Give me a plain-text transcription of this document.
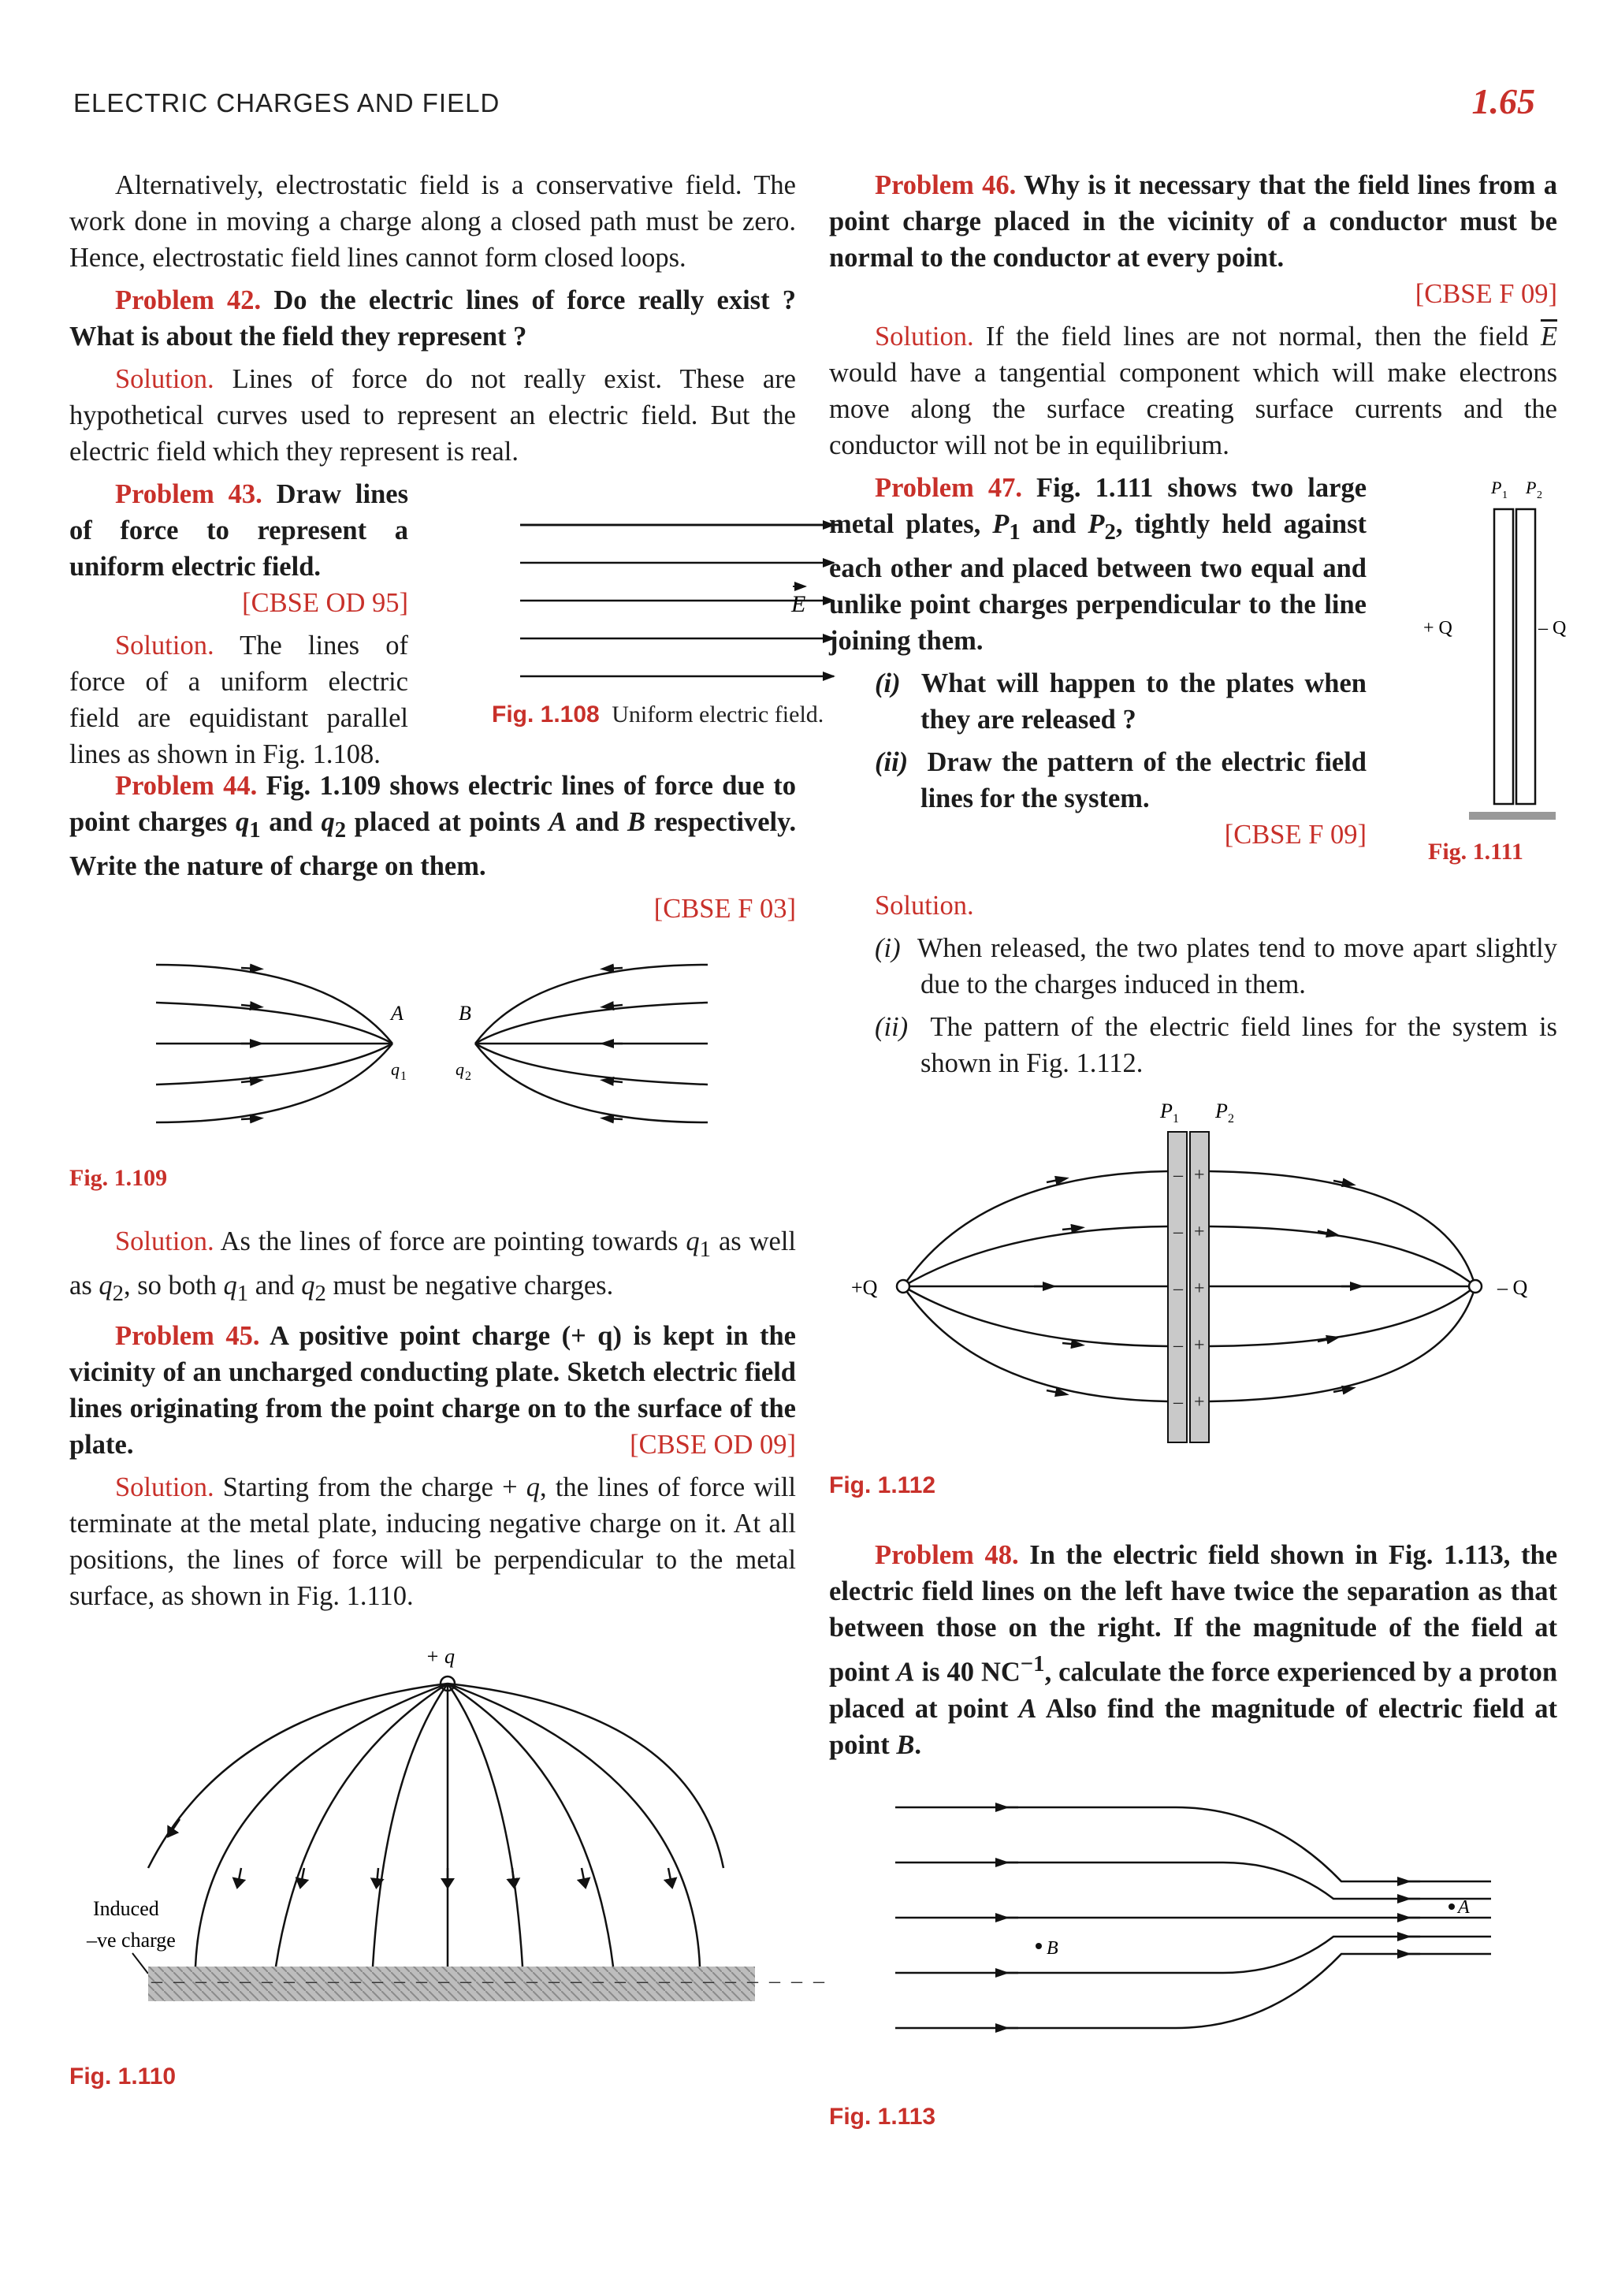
ELECTRIC CHARGES AND FIELD	1.65

Alternatively, electrostatic field is a conservative field. The work done in moving a charge along a closed path must be zero. Hence, electrostatic field lines cannot form closed loops.

Problem 42. Do the electric lines of force really exist ? What is about the field they represent ?

Solution. Lines of force do not really exist. These are hypothetical curves used to represent an electric field. But the electric field which they represent is real.

Problem 43. Draw lines of force to represent a uniform electric field.

[CBSE OD 95]

Solution. The lines of force of a uniform electric field are equidistant parallel lines as shown in Fig. 1.108.

E
Fig. 1.108 Uniform electric field.

Problem 44. Fig. 1.109 shows electric lines of force due to point charges $q_1$ and $q_2$ placed at points A and B respectively. Write the nature of charge on them.

[CBSE F 03]

A	B
q 1	q 2
Fig. 1.109

Solution. As the lines of force are pointing towards $q_1$ as well as $q_2$, so both $q_1$ and $q_2$ must be negative charges.

Problem 45. A positive point charge (+ q) is kept in the vicinity of an uncharged conducting plate. Sketch electric field lines originating from the point charge on to the surface of the plate.	[CBSE OD 09]

Solution. Starting from the charge + q, the lines of force will terminate at the metal plate, inducing negative charge on it. At all positions, the lines of force will be perpendicular to the metal surface, as shown in Fig. 1.110.

+ q
Induced
–ve charge
–––––––––––––––––––––––––––––––
Fig. 1.110

Problem 46. Why is it necessary that the field lines from a point charge placed in the vicinity of a conductor must be normal to the conductor at every point.

[CBSE F 09]

Solution. If the field lines are not normal, then the field $\overline{E}$ would have a tangential component which will make electrons move along the surface creating surface currents and the conductor will not be in equilibrium.

P 1 P 2
+ Q	– Q
Fig. 1.111

Problem 47. Fig. 1.111 shows two large metal plates, $P_1$ and $P_2$, tightly held against each other and placed between two equal and unlike point charges perpendicular to the line joining them.

(i) What will happen to the plates when they are released ?

(ii) Draw the pattern of the electric field lines for the system.

[CBSE F 09]

Solution.

(i) When released, the two plates tend to move apart slightly due to the charges induced in them.

(ii) The pattern of the electric field lines for the system is shown in Fig. 1.112.

P 1 P 2
– +
– +
– +
– +
– +
+Q	– Q
Fig. 1.112

Problem 48. In the electric field shown in Fig. 1.113, the electric field lines on the left have twice the separation as that between those on the right. If the magnitude of the field at point A is 40 $NC^{-1}$, calculate the force experienced by a proton placed at point A Also find the magnitude of electric field at point B.

A
B
Fig. 1.113
